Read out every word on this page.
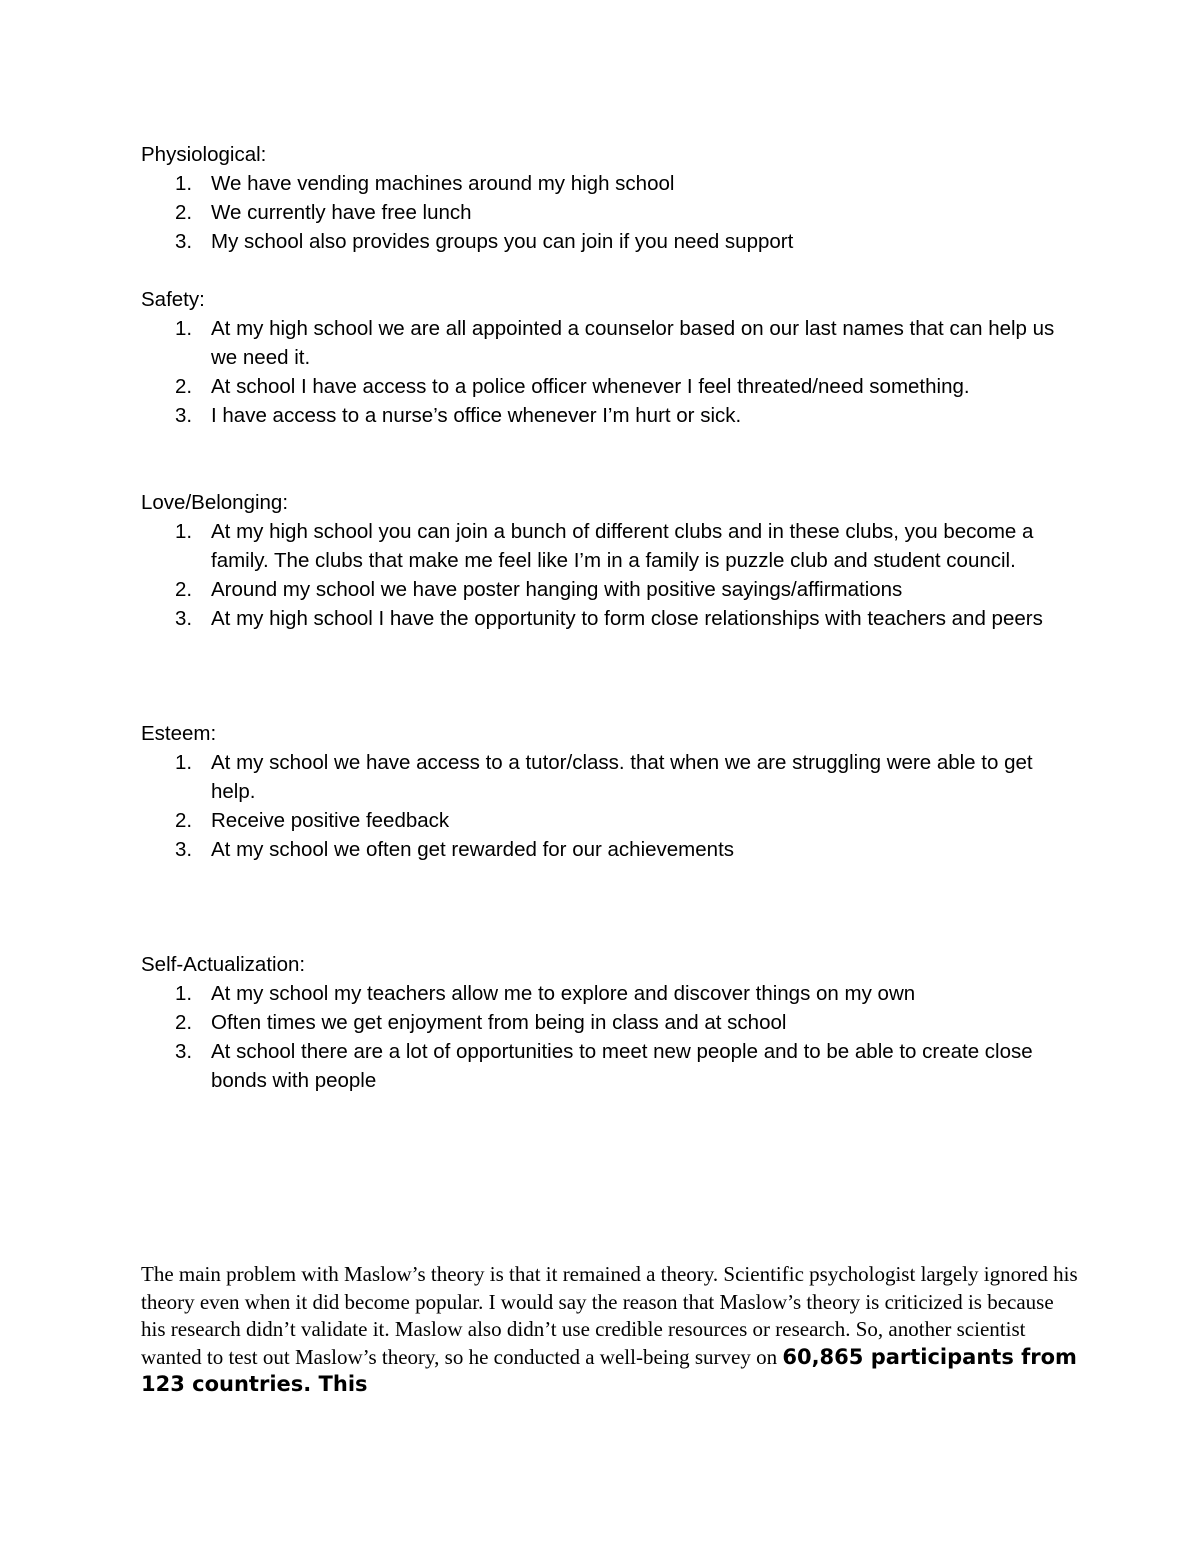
Physiological:

1. We have vending machines around my high school
2. We currently have free lunch
3. My school also provides groups you can join if you need support

Safety:

1. At my high school we are all appointed a counselor based on our last names that can help us we need it.
2. At school I have access to a police officer whenever I feel threated/need something.
3. I have access to a nurse’s office whenever I’m hurt or sick.

Love/Belonging:

1. At my high school you can join a bunch of different clubs and in these clubs, you become a family. The clubs that make me feel like I’m in a family is puzzle club and student council.
2. Around my school we have poster hanging with positive sayings/affirmations
3. At my high school I have the opportunity to form close relationships with teachers and peers

Esteem:

1. At my school we have access to a tutor/class. that when we are struggling were able to get help.
2. Receive positive feedback
3. At my school we often get rewarded for our achievements

Self-Actualization:

1. At my school my teachers allow me to explore and discover things on my own
2. Often times we get enjoyment from being in class and at school
3. At school there are a lot of opportunities to meet new people and to be able to create close bonds with people

The main problem with Maslow’s theory is that it remained a theory. Scientific psychologist largely ignored his theory even when it did become popular. I would say the reason that Maslow’s theory is criticized is because his research didn’t validate it. Maslow also didn’t use credible resources or research. So, another scientist wanted to test out Maslow’s theory, so he conducted a well-being survey on 60,865 participants from 123 countries. This
